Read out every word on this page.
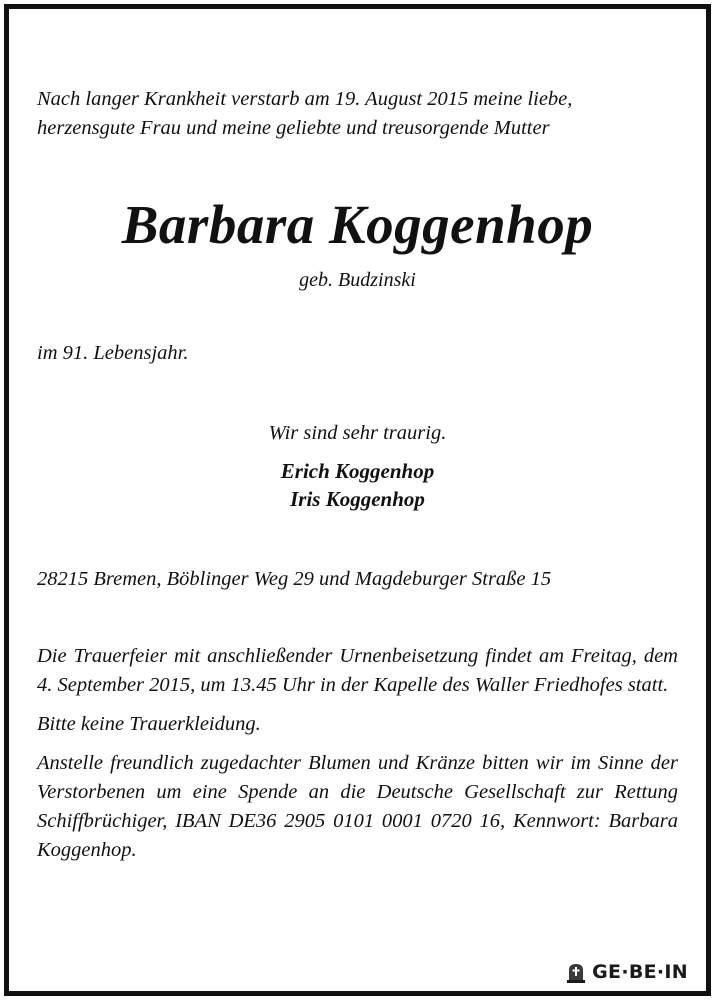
Nach langer Krankheit verstarb am 19. August 2015 meine liebe,
herzensgute Frau und meine geliebte und treusorgende Mutter

Barbara Koggenhop

geb. Budzinski

im 91. Lebensjahr.

Wir sind sehr traurig.

Erich Koggenhop
Iris Koggenhop

28215 Bremen, Böblinger Weg 29 und Magdeburger Straße 15

Die Trauerfeier mit anschließender Urnenbeisetzung findet am Freitag, dem 4. September 2015, um 13.45 Uhr in der Kapelle des Waller Friedhofes statt.

Bitte keine Trauerkleidung.

Anstelle freundlich zugedachter Blumen und Kränze bitten wir im Sinne der Verstorbenen um eine Spende an die Deutsche Gesellschaft zur Rettung Schiffbrüchiger, IBAN DE36 2905 0101 0001 0720 16, Kennwort: Barbara Koggenhop.

GE·BE·IN
